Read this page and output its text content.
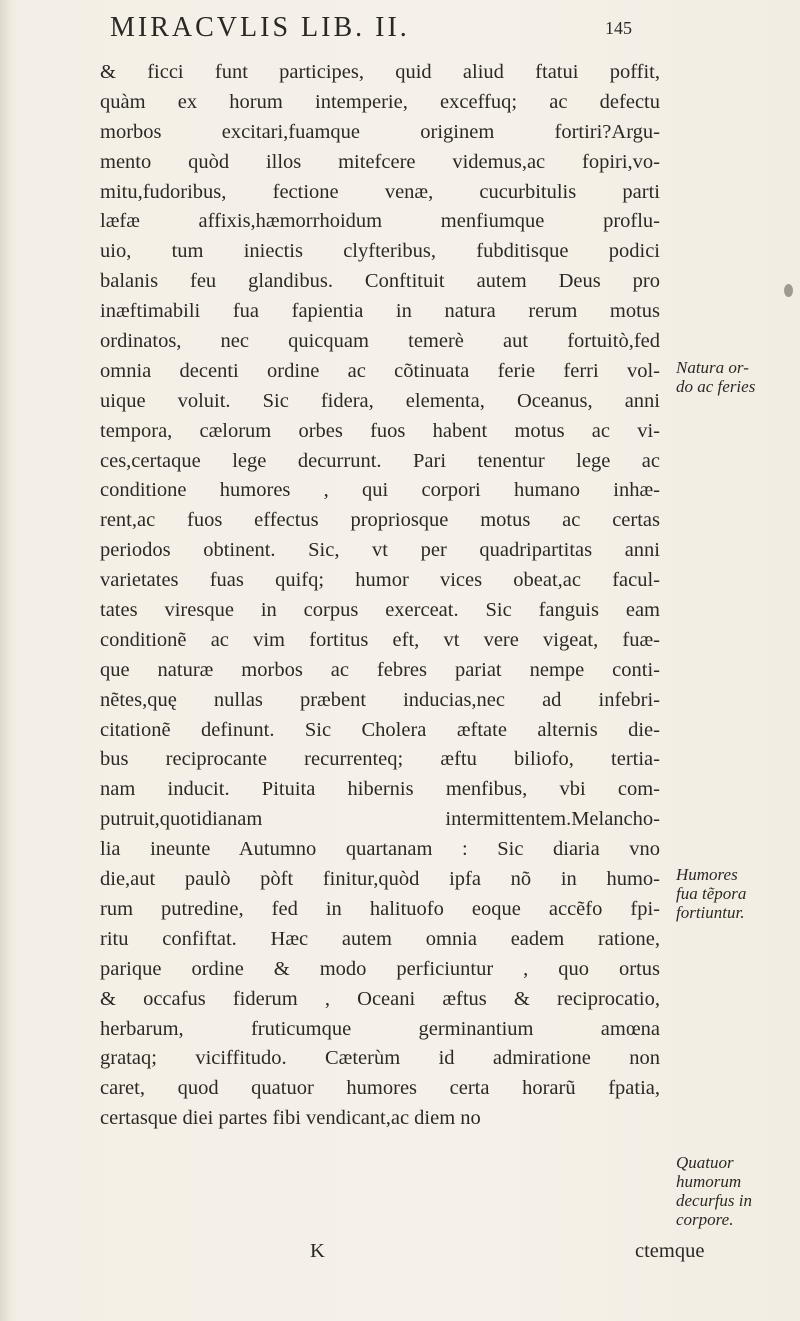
MIRACVLIS LIB. II.	145
& ficci funt participes, quid aliud ftatui poffit,
quàm ex horum intemperie, exceffuq; ac defectu
morbos excitari,fuamque originem fortiri?Argu-
mento quòd illos mitefcere videmus,ac fopiri,vo-
mitu,fudoribus, fectione venæ, cucurbitulis parti
læfæ affixis,hæmorrhoidum menfiumque proflu-
uio, tum iniectis clyfteribus, fubditisque podici
balanis feu glandibus. Conftituit autem Deus pro
inæftimabili fua fapientia in natura rerum motus
ordinatos, nec quicquam temerè aut fortuitò,fed
omnia decenti ordine ac cõtinuata ferie ferri vol-
uique voluit. Sic fidera, elementa, Oceanus, anni
tempora, cælorum orbes fuos habent motus ac vi-
ces,certaque lege decurrunt. Pari tenentur lege ac
conditione humores , qui corpori humano inhæ-
rent,ac fuos effectus propriosque motus ac certas
periodos obtinent. Sic, vt per quadripartitas anni
varietates fuas quifq; humor vices obeat,ac facul-
tates viresque in corpus exerceat. Sic fanguis eam
conditionẽ ac vim fortitus eft, vt vere vigeat, fuæ-
que naturæ morbos ac febres pariat nempe conti-
nẽtes,quę nullas præbent inducias,nec ad infebri-
citationẽ definunt. Sic Cholera æftate alternis die-
bus reciprocante recurrenteq; æftu biliofo, tertia-
nam inducit. Pituita hibernis menfibus, vbi com-
putruit,quotidianam intermittentem.Melancho-
lia ineunte Autumno quartanam : Sic diaria vno
die,aut paulò pòft finitur,quòd ipfa nõ in humo-
rum putredine, fed in halituofo eoque accẽfo fpi-
ritu confiftat. Hæc autem omnia eadem ratione,
parique ordine & modo perficiuntur , quo ortus
& occafus fiderum , Oceani æftus & reciprocatio,
herbarum, fruticumque germinantium amœna
grataq; viciffitudo. Cæterùm id admiratione non
caret, quod quatuor humores certa horarũ fpatia,
certasque diei partes fibi vendicant,ac diem no
Natura or-
do ac feries
Humores
fua tẽpora
fortiuntur.
Quatuor
humorum
decurfus in
corpore.
K	ctemque
